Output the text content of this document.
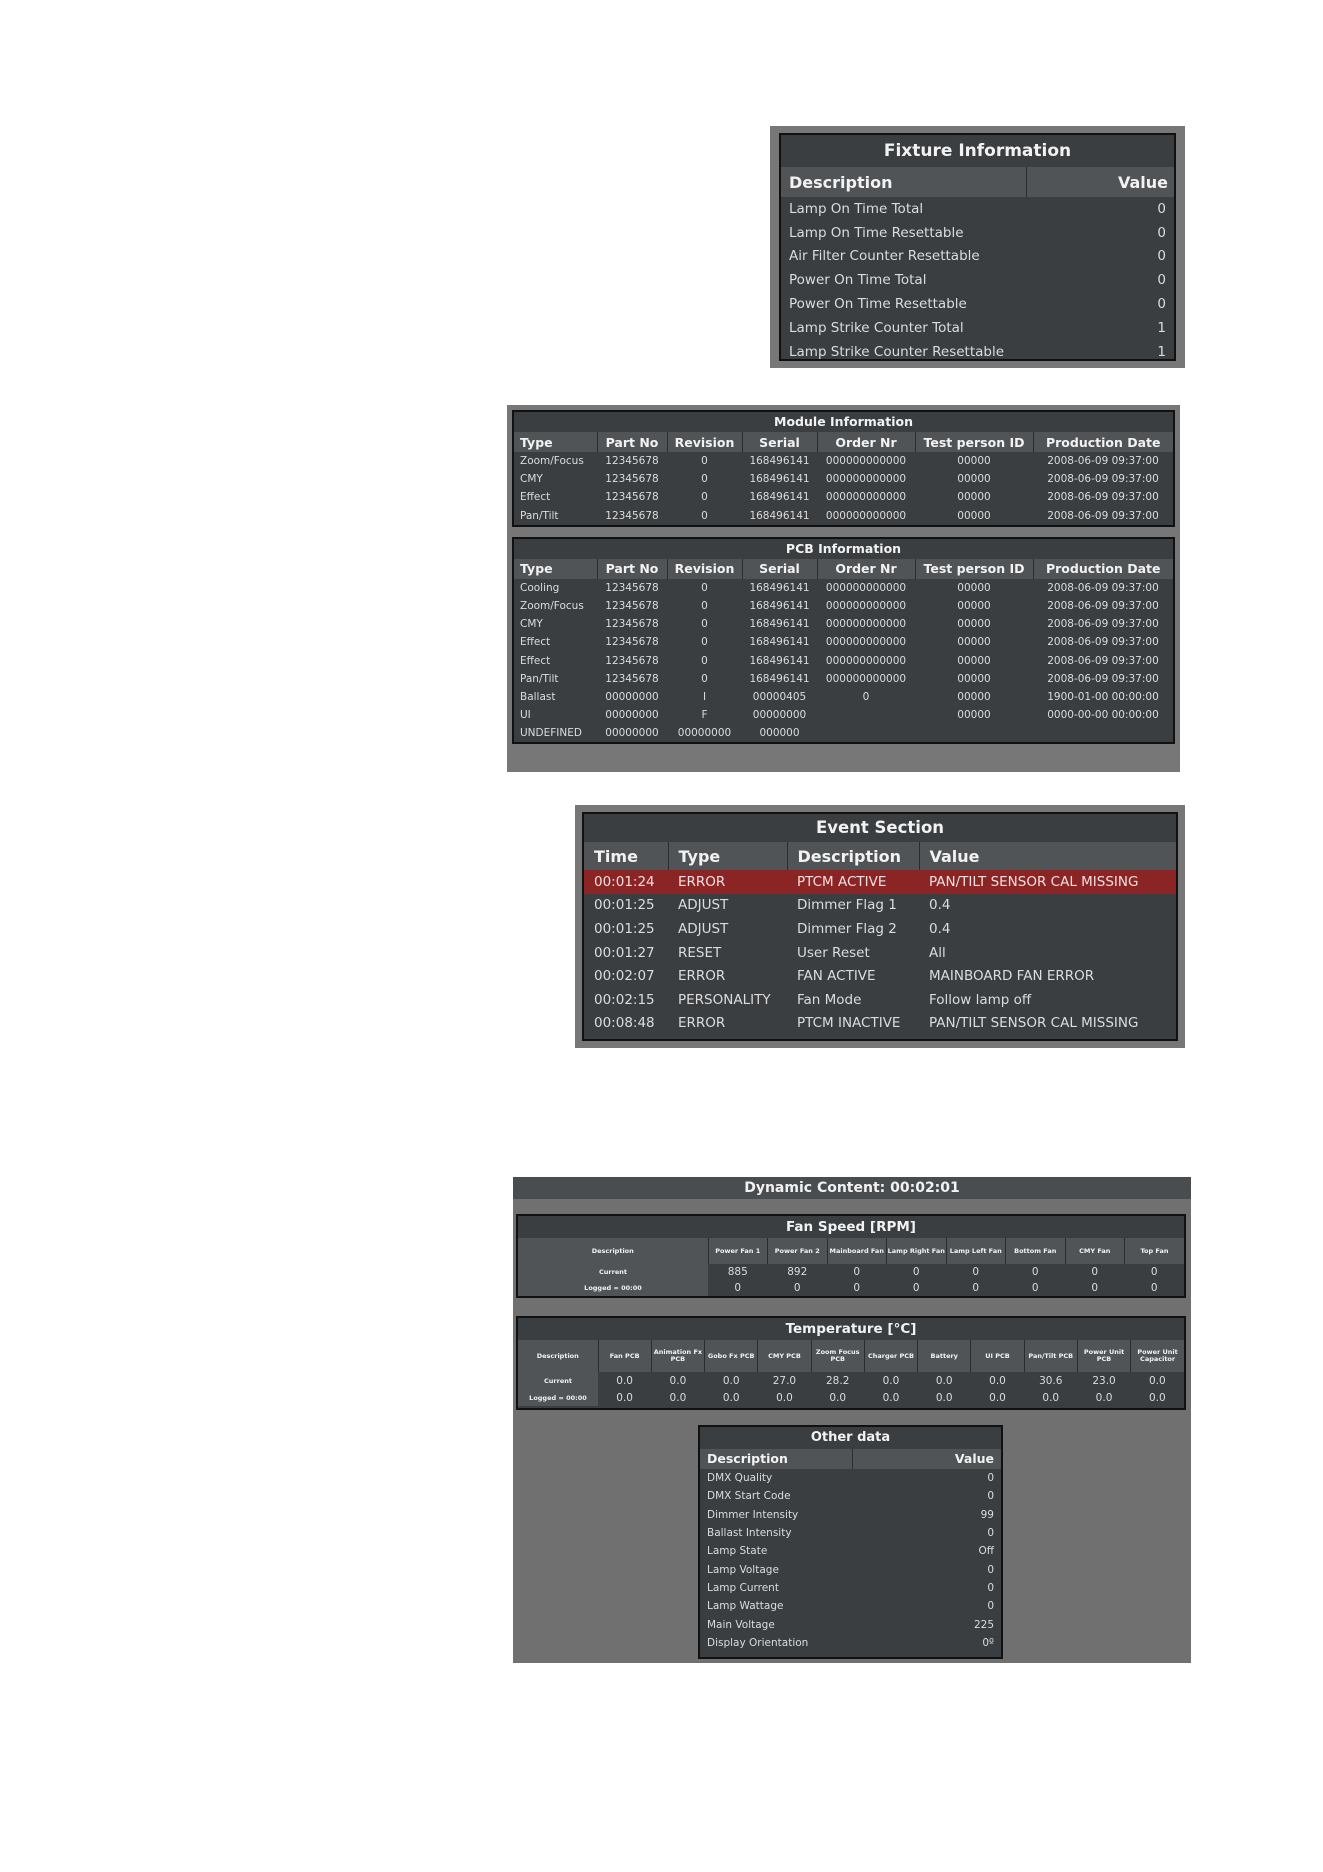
Fixture Information
Description	Value
Lamp On Time Total	0
Lamp On Time Resettable	0
Air Filter Counter Resettable	0
Power On Time Total	0
Power On Time Resettable	0
Lamp Strike Counter Total	1
Lamp Strike Counter Resettable	1
Module Information
Type	Part No	Revision	Serial	Order Nr	Test person ID	Production Date
Zoom/Focus	12345678	0	168496141	000000000000	00000	2008-06-09 09:37:00
CMY	12345678	0	168496141	000000000000	00000	2008-06-09 09:37:00
Effect	12345678	0	168496141	000000000000	00000	2008-06-09 09:37:00
Pan/Tilt	12345678	0	168496141	000000000000	00000	2008-06-09 09:37:00
PCB Information
Type	Part No	Revision	Serial	Order Nr	Test person ID	Production Date
Cooling	12345678	0	168496141	000000000000	00000	2008-06-09 09:37:00
Zoom/Focus	12345678	0	168496141	000000000000	00000	2008-06-09 09:37:00
CMY	12345678	0	168496141	000000000000	00000	2008-06-09 09:37:00
Effect	12345678	0	168496141	000000000000	00000	2008-06-09 09:37:00
Effect	12345678	0	168496141	000000000000	00000	2008-06-09 09:37:00
Pan/Tilt	12345678	0	168496141	000000000000	00000	2008-06-09 09:37:00
Ballast	00000000	I	00000405	0	00000	1900-01-00 00:00:00
UI	00000000	F	00000000		00000	0000-00-00 00:00:00
UNDEFINED	00000000	00000000	000000			
Event Section
Time	Type	Description	Value
00:01:24	ERROR	PTCM ACTIVE	PAN/TILT SENSOR CAL MISSING
00:01:25	ADJUST	Dimmer Flag 1	0.4
00:01:25	ADJUST	Dimmer Flag 2	0.4
00:01:27	RESET	User Reset	All
00:02:07	ERROR	FAN ACTIVE	MAINBOARD FAN ERROR
00:02:15	PERSONALITY	Fan Mode	Follow lamp off
00:08:48	ERROR	PTCM INACTIVE	PAN/TILT SENSOR CAL MISSING
Dynamic Content: 00:02:01
Fan Speed [RPM]
Description	Power Fan 1	Power Fan 2	Mainboard Fan	Lamp Right Fan	Lamp Left Fan	Bottom Fan	CMY Fan	Top Fan
Current	885	892	0	0	0	0	0	0
Logged = 00:00	0	0	0	0	0	0	0	0
Temperature [°C]
Description	Fan PCB	Animation Fx PCB	Gobo Fx PCB	CMY PCB	Zoom Focus PCB	Charger PCB	Battery	UI PCB	Pan/Tilt PCB	Power Unit PCB	Power Unit Capacitor
Current	0.0	0.0	0.0	27.0	28.2	0.0	0.0	0.0	30.6	23.0	0.0
Logged = 00:00	0.0	0.0	0.0	0.0	0.0	0.0	0.0	0.0	0.0	0.0	0.0
Other data
Description	Value
DMX Quality	0
DMX Start Code	0
Dimmer Intensity	99
Ballast Intensity	0
Lamp State	Off
Lamp Voltage	0
Lamp Current	0
Lamp Wattage	0
Main Voltage	225
Display Orientation	0º
